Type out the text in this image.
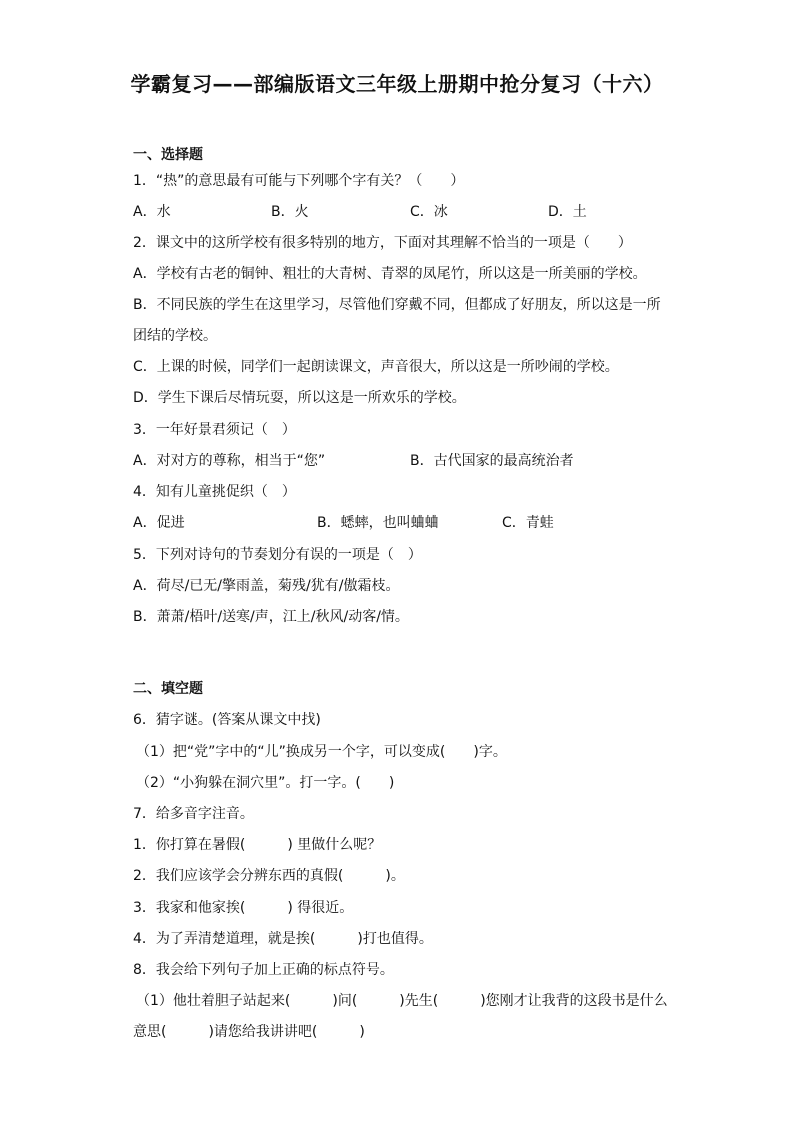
学霸复习——部编版语文三年级上册期中抢分复习（十六）
一、选择题
1．“热”的意思最有可能与下列哪个字有关？（　　）
A．水	B．火	C．冰	D．土
2．课文中的这所学校有很多特别的地方，下面对其理解不恰当的一项是（　　）
A．学校有古老的铜钟、粗壮的大青树、青翠的凤尾竹，所以这是一所美丽的学校。
B．不同民族的学生在这里学习，尽管他们穿戴不同，但都成了好朋友，所以这是一所
团结的学校。
C．上课的时候，同学们一起朗读课文，声音很大，所以这是一所吵闹的学校。
D．学生下课后尽情玩耍，所以这是一所欢乐的学校。
3．一年好景君须记（　）
A．对对方的尊称，相当于“您”	B．古代国家的最高统治者
4．知有儿童挑促织（　）
A．促进	B．蟋蟀，也叫蛐蛐	C．青蛙
5．下列对诗句的节奏划分有误的一项是（　）
A．荷尽/已无/擎雨盖，菊残/犹有/傲霜枝。
B．萧萧/梧叶/送寒/声，江上/秋风/动客/情。
二、填空题
6．猜字谜。(答案从课文中找)
（1）把“党”字中的“儿”换成另一个字，可以变成(　　)字。
（2）“小狗躲在洞穴里”。打一字。(　　)
7．给多音字注音。
1．你打算在暑假(　　　) 里做什么呢？
2．我们应该学会分辨东西的真假(　　　)。
3．我家和他家挨(　　　) 得很近。
4．为了弄清楚道理，就是挨(　　　)打也值得。
8．我会给下列句子加上正确的标点符号。
（1）他壮着胆子站起来(　　　)问(　　　)先生(　　　)您刚才让我背的这段书是什么
意思(　　　)请您给我讲讲吧(　　　)
